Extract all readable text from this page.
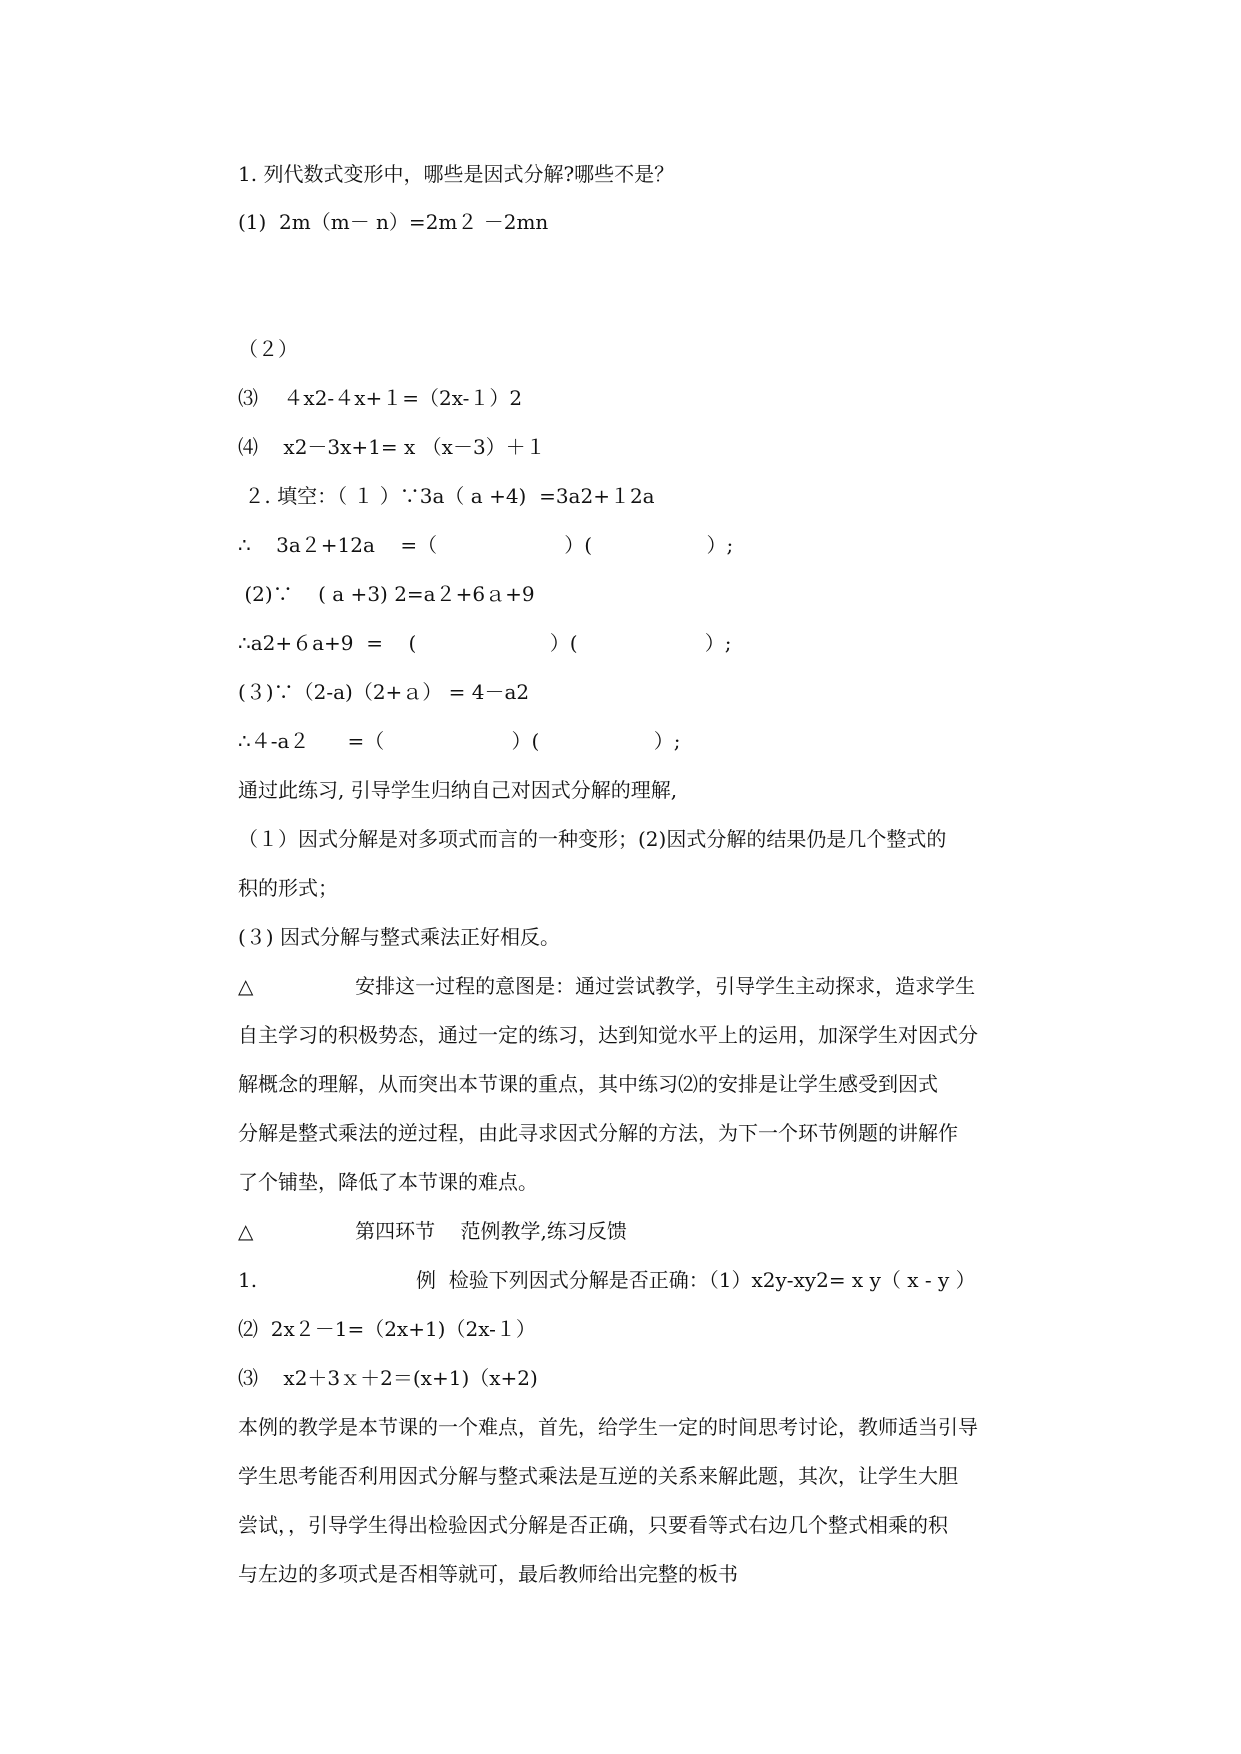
1. 列代数式变形中，哪些是因式分解?哪些不是？
(1)  2m（m－ n）=2m２ －2mn
（２）
⑶    ４x2-４x+１=（2x-１）2
⑷    x2－3x+1= x （x－3）＋１
２. 填空：（ １ ）∵3a（ a +4)  =3a2+１2a
∴    3a２+12a    =（                    ）(                  ）;
(2)∵    ( a +3) 2=a２+6ａ+9
∴a2+６a+9  =    (                     ）(                    ）;
(３)∵（2-a)（2+ａ） = 4－a2
∴４-a２      =（                    ）(                  ）;
通过此练习, 引导学生归纳自己对因式分解的理解,
（１）因式分解是对多项式而言的一种变形；(2)因式分解的结果仍是几个整式的
积的形式；
(３) 因式分解与整式乘法正好相反。
△                安排这一过程的意图是：通过尝试教学，引导学生主动探求，造求学生
自主学习的积极势态，通过一定的练习，达到知觉水平上的运用，加深学生对因式分
解概念的理解，从而突出本节课的重点，其中练习⑵的安排是让学生感受到因式
分解是整式乘法的逆过程，由此寻求因式分解的方法，为下一个环节例题的讲解作
了个铺垫，降低了本节课的难点。
△                第四环节    范例教学,练习反馈
1.                         例  检验下列因式分解是否正确：（1）x2y-xy2= x y（ x - y ）
⑵  2x２－1=（2x+1)（2x-１）
⑶    x2＋3ｘ＋2＝(x+1)（x+2)
本例的教学是本节课的一个难点，首先，给学生一定的时间思考讨论，教师适当引导
学生思考能否利用因式分解与整式乘法是互逆的关系来解此题，其次，让学生大胆
尝试，，引导学生得出检验因式分解是否正确，只要看等式右边几个整式相乘的积
与左边的多项式是否相等就可，最后教师给出完整的板书
